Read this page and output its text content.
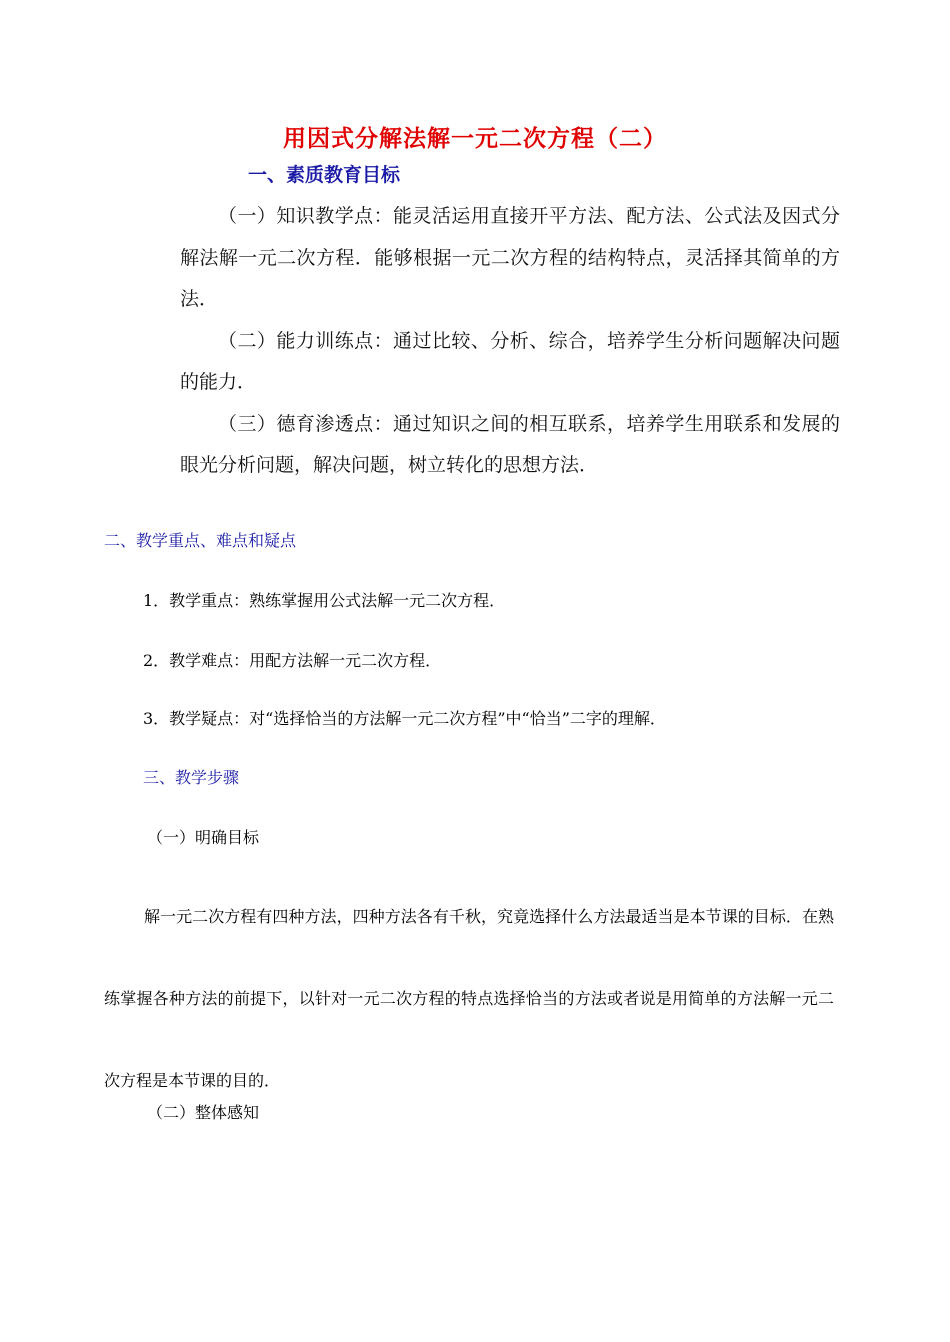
用因式分解法解一元二次方程（二）
一、素质教育目标

（一）知识教学点：能灵活运用直接开平方法、配方法、公式法及因式分解法解一元二次方程．能够根据一元二次方程的结构特点，灵活择其简单的方法．

（二）能力训练点：通过比较、分析、综合，培养学生分析问题解决问题的能力．

（三）德育渗透点：通过知识之间的相互联系，培养学生用联系和发展的眼光分析问题，解决问题，树立转化的思想方法．

二、教学重点、难点和疑点
1．教学重点：熟练掌握用公式法解一元二次方程．
2．教学难点：用配方法解一元二次方程．
3．教学疑点：对“选择恰当的方法解一元二次方程”中“恰当”二字的理解．
三、教学步骤
（一）明确目标

解一元二次方程有四种方法，四种方法各有千秋，究竟选择什么方法最适当是本节课的目标．在熟练掌握各种方法的前提下，以针对一元二次方程的特点选择恰当的方法或者说是用简单的方法解一元二次方程是本节课的目的．

（二）整体感知
